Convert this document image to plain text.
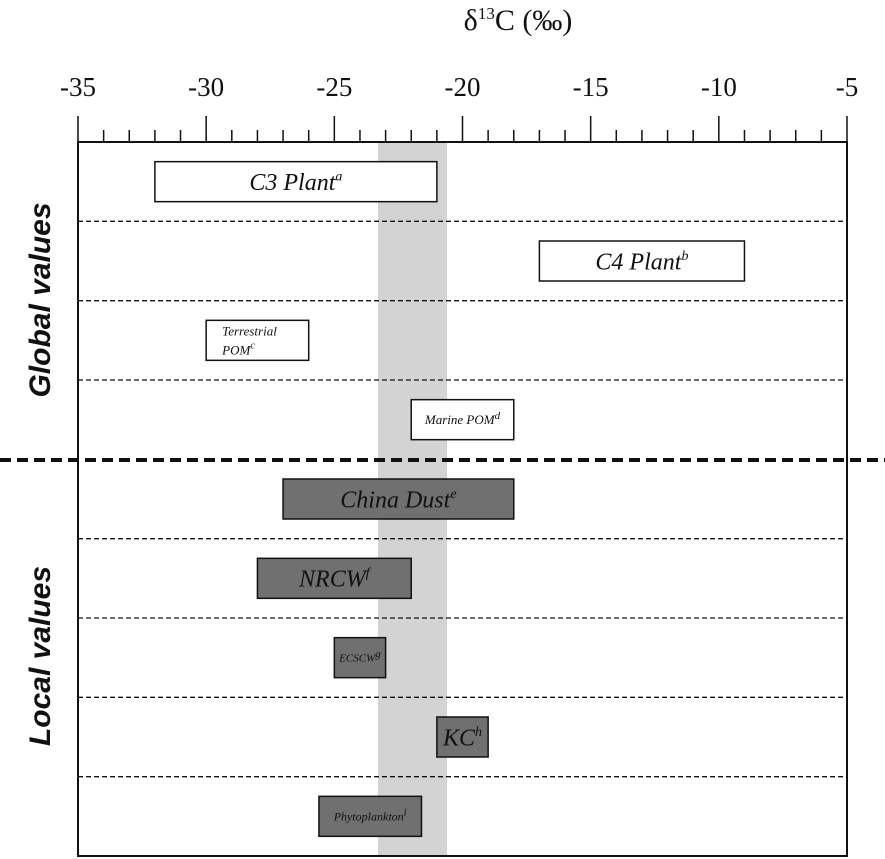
C3 Plant$^a$
C4 Plant$^b$
Terrestrial
POM$^c$
Marine POM$^d$
China Dust$^e$
NRCW$^f$
ECSCWg
$KC^h$
Phytoplanktoni
-35	-30	-25	-20	-15	-10	-5
$\delta^{13}C$ (‰)
Global values
Local values
